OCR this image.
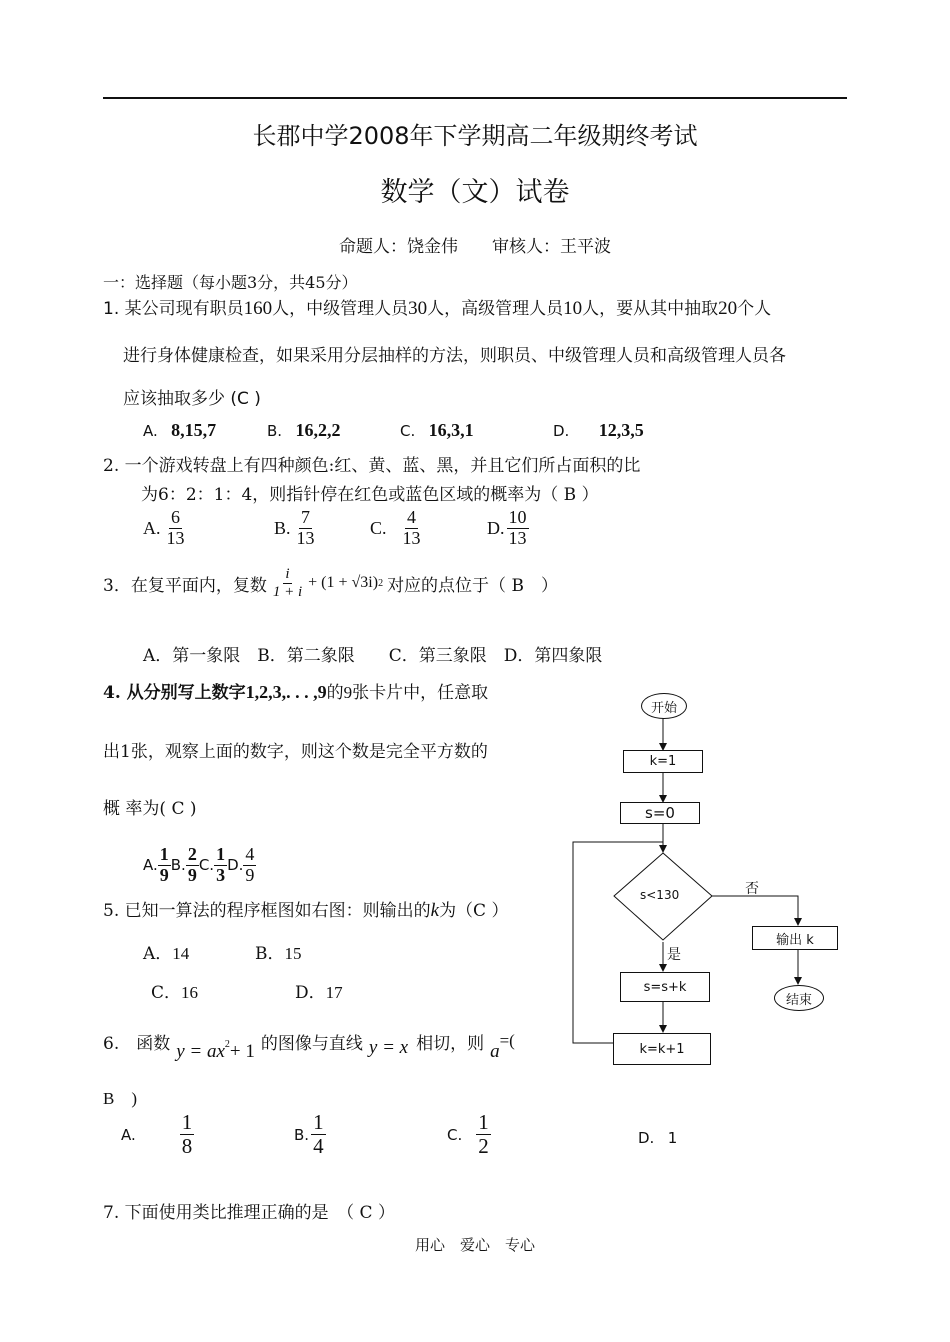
长郡中学2008年下学期高二年级期终考试
数学（文）试卷
命题人：饶金伟　　审核人：王平波
一：选择题（每小题3分，共45分）
1. 某公司现有职员160人，中级管理人员30人，高级管理人员10人，要从其中抽取20个人
进行身体健康检查，如果采用分层抽样的方法，则职员、中级管理人员和高级管理人员各
应该抽取多少 (C )
A. 8,15,7	B. 16,2,2	C. 16,3,1	D. 12,3,5
2. 一个游戏转盘上有四种颜色:红、黄、蓝、黑，并且它们所占面积的比
为6：2：1：4，则指针停在红色或蓝色区域的概率为（ B ）
A. $\frac{6}{13}$	B. $\frac{7}{13}$	C. $\frac{4}{13}$	D. $\frac{10}{13}$
3．在复平面内，复数 $\frac{i}{1 + i} + (1 + √3i)$ 2 对应的点位于（ B　）
A．第一象限　B．第二象限　　C．第三象限　D．第四象限
4. 从分别写上数字1,2,3,. . . ,9的9张卡片中，任意取
出1张，观察上面的数字，则这个数是完全平方数的
概 率为( C )
A. $\frac{1}{9} B$. $\frac{2}{9} C$. $\frac{1}{3} D$. $\frac{4}{9}$
5. 已知一算法的程序框图如右图：则输出的k为（C ）
A．14	B．15
C．16	D．17
6.　函数 $y = ax^2 + 1$ 的图像与直线 y = x 相切，则 a
=(
B　)
A. $\frac{1}{8}$	B. $\frac{1}{4}$	C. $\frac{1}{2}$	D. 1
7. 下面使用类比推理正确的是　（ C ）
用心　爱心　专心
开始
k=1
s=0
s<130	否
是
s=s+k
k=k+1
输出 k
结束
